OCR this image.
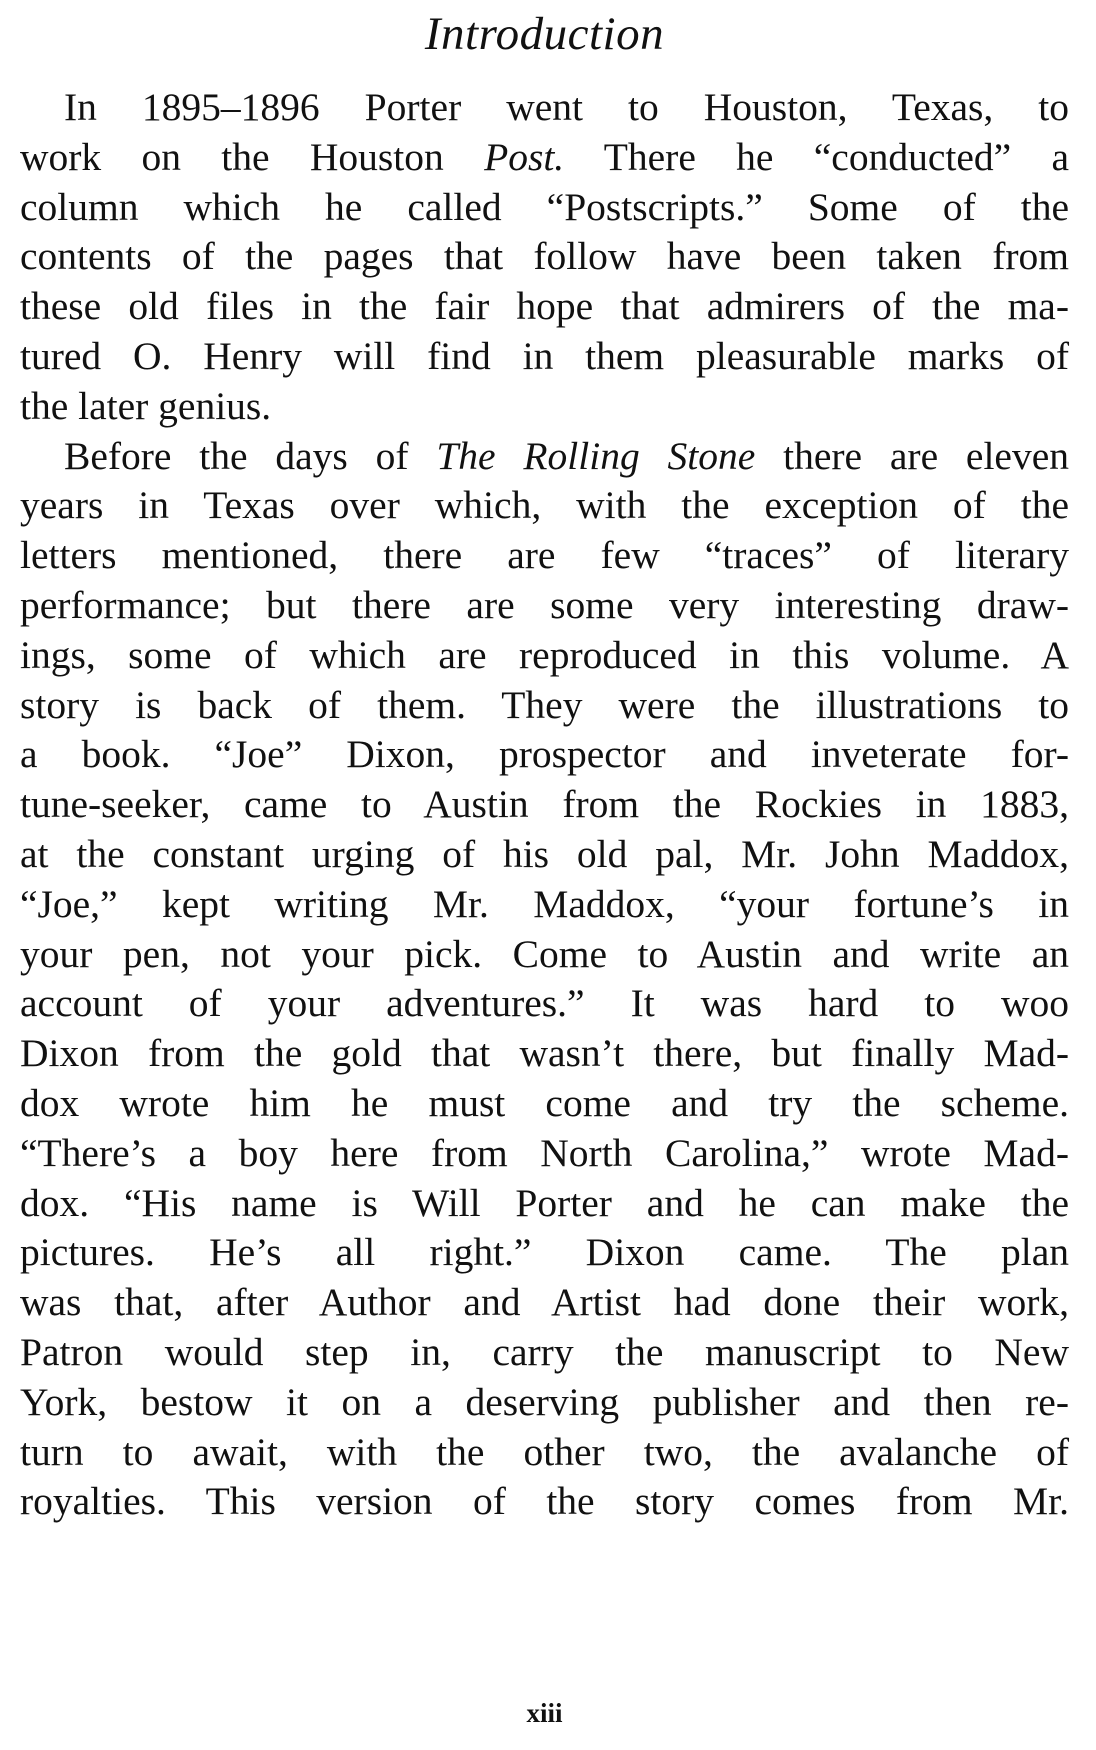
Introduction
In 1895–1896 Porter went to Houston, Texas, to
work on the Houston Post. There he “conducted” a
column which he called “Postscripts.” Some of the
contents of the pages that follow have been taken from
these old files in the fair hope that admirers of the ma-
tured O. Henry will find in them pleasurable marks of
the later genius.
Before the days of The Rolling Stone there are eleven
years in Texas over which, with the exception of the
letters mentioned, there are few “traces” of literary
performance; but there are some very interesting draw-
ings, some of which are reproduced in this volume. A
story is back of them. They were the illustrations to
a book. “Joe” Dixon, prospector and inveterate for-
tune-seeker, came to Austin from the Rockies in 1883,
at the constant urging of his old pal, Mr. John Maddox,
“Joe,” kept writing Mr. Maddox, “your fortune’s in
your pen, not your pick. Come to Austin and write an
account of your adventures.” It was hard to woo
Dixon from the gold that wasn’t there, but finally Mad-
dox wrote him he must come and try the scheme.
“There’s a boy here from North Carolina,” wrote Mad-
dox. “His name is Will Porter and he can make the
pictures. He’s all right.” Dixon came. The plan
was that, after Author and Artist had done their work,
Patron would step in, carry the manuscript to New
York, bestow it on a deserving publisher and then re-
turn to await, with the other two, the avalanche of
royalties. This version of the story comes from Mr.
xiii
